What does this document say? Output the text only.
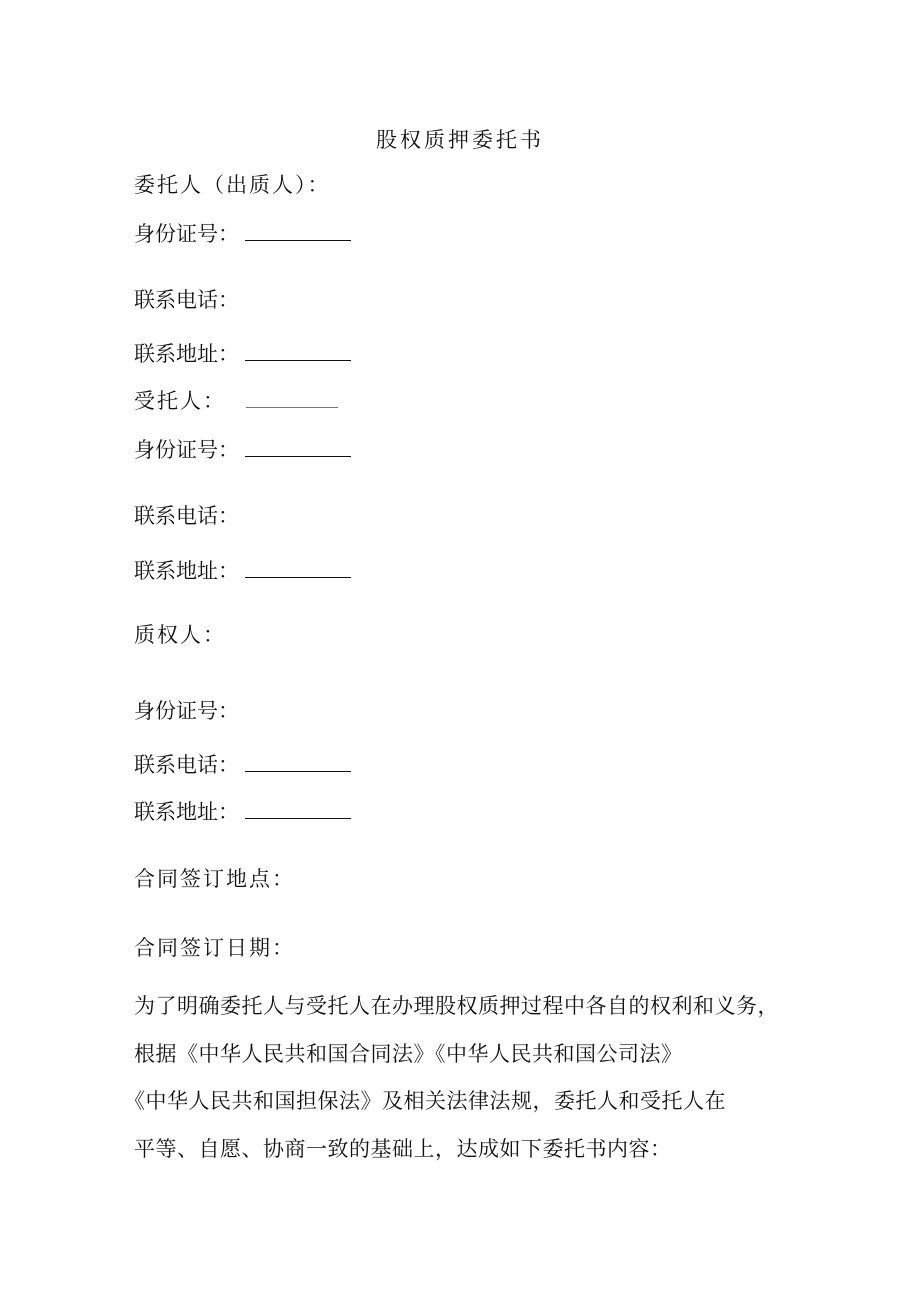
股权质押委托书
委托人（出质人）：
身份证号：
联系电话：
联系地址：
受托人：
身份证号：
联系电话：
联系地址：
质权人：
身份证号：
联系电话：
联系地址：
合同签订地点：
合同签订日期：
为了明确委托人与受托人在办理股权质押过程中各自的权利和义务，
根据《中华人民共和国合同法》《中华人民共和国公司法》
《中华人民共和国担保法》及相关法律法规，委托人和受托人在
平等、自愿、协商一致的基础上，达成如下委托书内容：
